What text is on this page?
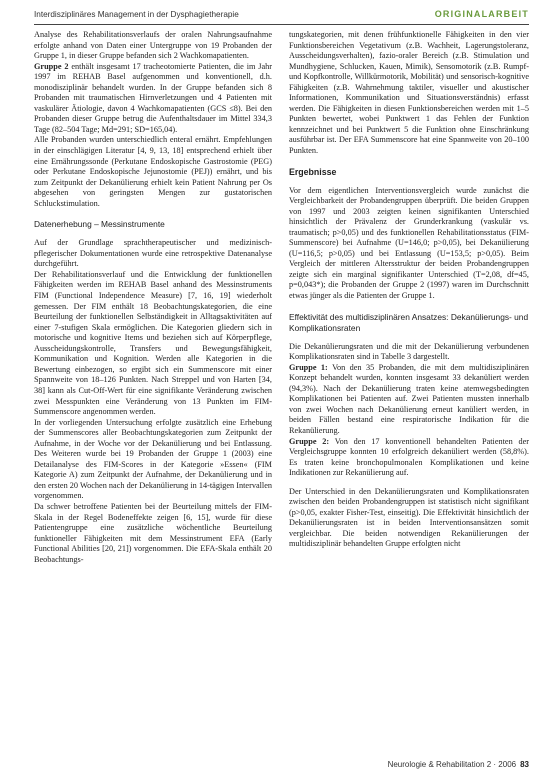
Interdisziplinäres Management in der Dysphagietherapie	ORIGINALARBEIT

Analyse des Rehabilitationsverlaufs der oralen Nahrungsaufnahme erfolgte anhand von Daten einer Untergruppe von 19 Probanden der Gruppe 1, in dieser Gruppe befanden sich 2 Wachkomapatienten.

Gruppe 2 enthält insgesamt 17 tracheotomierte Patienten, die im Jahr 1997 im REHAB Basel aufgenommen und konventionell, d.h. monodisziplinär behandelt wurden. In der Gruppe befanden sich 8 Probanden mit traumatischen Hirnverletzungen und 4 Patienten mit vaskulärer Ätiologie, davon 4 Wachkomapatienten (GCS ≤8). Bei den Probanden dieser Gruppe betrug die Aufenthaltsdauer im Mittel 334,3 Tage (82–504 Tage; Md=291; SD=165,04).

Alle Probanden wurden unterschiedlich enteral ernährt. Empfehlungen in der einschlägigen Literatur [4, 9, 13, 18] entsprechend erhielt über eine Ernährungssonde (Perkutane Endoskopische Gastrostomie (PEG) oder Perkutane Endoskopische Jejunostomie (PEJ)) ernährt, und bis zum Zeitpunkt der Dekanülierung erhielt kein Patient Nahrung per Os abgesehen von geringsten Mengen zur gustatorischen Schluckstimulation.

Datenerhebung – Messinstrumente

Auf der Grundlage sprachtherapeutischer und medizinisch-pflegerischer Dokumentationen wurde eine retrospektive Datenanalyse durchgeführt.

Der Rehabilitationsverlauf und die Entwicklung der funktionellen Fähigkeiten werden im REHAB Basel anhand des Messinstruments FIM (Functional Independence Measure) [7, 16, 19] wiederholt gemessen. Der FIM enthält 18 Beobachtungskategorien, die eine Beurteilung der funktionellen Selbständigkeit in Alltagsaktivitäten auf einer 7-stufigen Skala ermöglichen. Die Kategorien gliedern sich in motorische und kognitive Items und beziehen sich auf Körperpflege, Ausscheidungskontrolle, Transfers und Bewegungsfähigkeit, Kommunikation und Kognition. Werden alle Kategorien in die Bewertung einbezogen, so ergibt sich ein Summenscore mit einer Spannweite von 18–126 Punkten. Nach Streppel und von Harten [34, 38] kann als Cut-Off-Wert für eine signifikante Veränderung zwischen zwei Messpunkten eine Veränderung von 13 Punkten im FIM-Summenscore angenommen werden.

In der vorliegenden Untersuchung erfolgte zusätzlich eine Erhebung der Summenscores aller Beobachtungskategorien zum Zeitpunkt der Aufnahme, in der Woche vor der Dekanülierung und bei Entlassung. Des Weiteren wurde bei 19 Probanden der Gruppe 1 (2003) eine Detailanalyse des FIM-Scores in der Kategorie »Essen« (FIM Kategorie A) zum Zeitpunkt der Aufnahme, der Dekanülierung und in den ersten 20 Wochen nach der Dekanülierung in 14-tägigen Intervallen vorgenommen.

Da schwer betroffene Patienten bei der Beurteilung mittels der FIM-Skala in der Regel Bodeneffekte zeigen [6, 15], wurde für diese Patientengruppe eine zusätzliche wöchentliche Beurteilung funktioneller Fähigkeiten mit dem Messinstrument EFA (Early Functional Abilities [20, 21]) vorgenommen. Die EFA-Skala enthält 20 Beobachtungs-

tungskategorien, mit denen frühfunktionelle Fähigkeiten in den vier Funktionsbereichen Vegetativum (z.B. Wachheit, Lagerungstoleranz, Ausscheidungsverhalten), fazio-oraler Bereich (z.B. Stimulation und Mundhygiene, Schlucken, Kauen, Mimik), Sensomotorik (z.B. Rumpf- und Kopfkontrolle, Willkürmotorik, Mobilität) und sensorisch-kognitive Fähigkeiten (z.B. Wahrnehmung taktiler, visueller und akustischer Informationen, Kommunikation und Situationsverständnis) erfasst werden. Die Fähigkeiten in diesen Funktionsbereichen werden mit 1–5 Punkten bewertet, wobei Punktwert 1 das Fehlen der Funktion kennzeichnet und bei Punktwert 5 die Funktion ohne Einschränkung ausführbar ist. Der EFA Summenscore hat eine Spannweite von 20–100 Punkten.

Ergebnisse

Vor dem eigentlichen Interventionsvergleich wurde zunächst die Vergleichbarkeit der Probandengruppen überprüft. Die beiden Gruppen von 1997 und 2003 zeigten keinen signifikanten Unterschied hinsichtlich der Prävalenz der Grunderkrankung (vaskulär vs. traumatisch; p>0,05) und des funktionellen Rehabilitationsstatus (FIM-Summenscore) bei Aufnahme (U=146,0; p>0,05), bei Dekanülierung (U=116,5; p>0,05) und bei Entlassung (U=153,5; p>0,05). Beim Vergleich der mittleren Altersstruktur der beiden Probandengruppen zeigte sich ein marginal signifikanter Unterschied (T=2,08, df=45, p=0,043*); die Probanden der Gruppe 2 (1997) waren im Durchschnitt etwas jünger als die Patienten der Gruppe 1.

Effektivität des multidisziplinären Ansatzes: Dekanülierungs- und Komplikationsraten

Die Dekanülierungsraten und die mit der Dekanülierung verbundenen Komplikationsraten sind in Tabelle 3 dargestellt.

Gruppe 1: Von den 35 Probanden, die mit dem multidisziplinären Konzept behandelt wurden, konnten insgesamt 33 dekanüliert werden (94,3%). Nach der Dekanülierung traten keine atemwegsbedingten Komplikationen bei Patienten auf. Zwei Patienten mussten innerhalb von zwei Wochen nach Dekanülierung erneut kanüliert werden, in beiden Fällen bestand eine respiratorische Indikation für die Rekanülierung.

Gruppe 2: Von den 17 konventionell behandelten Patienten der Vergleichsgruppe konnten 10 erfolgreich dekanüliert werden (58,8%). Es traten keine bronchopulmonalen Komplikationen und keine Indikationen zur Rekanülierung auf.

Der Unterschied in den Dekanülierungsraten und Komplikationsraten zwischen den beiden Probandengruppen ist statistisch nicht signifikant (p>0,05, exakter Fisher-Test, einseitig). Die Effektivität hinsichtlich der Dekanülierungsraten ist in beiden Interventionsansätzen somit vergleichbar. Die beiden notwendigen Rekanülierungen der multidisziplinär behandelten Gruppe erfolgten nicht

Neurologie & Rehabilitation 2 · 2006 83
